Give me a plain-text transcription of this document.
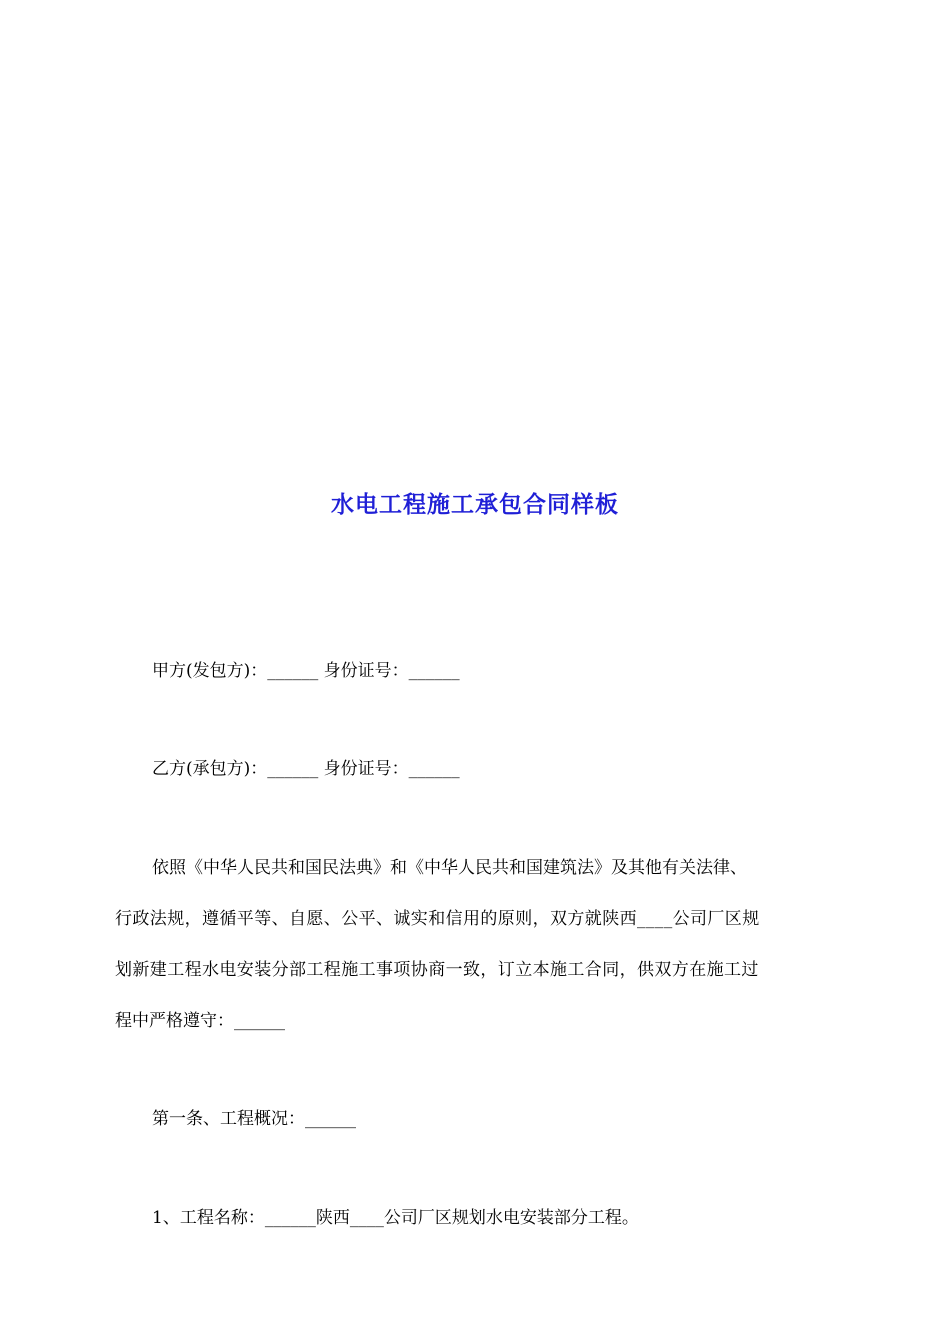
水电工程施工承包合同样板
甲方(发包方)：______ 身份证号：______
乙方(承包方)：______ 身份证号：______
依照《中华人民共和国民法典》和《中华人民共和国建筑法》及其他有关法律、
行政法规，遵循平等、自愿、公平、诚实和信用的原则，双方就陕西____公司厂区规
划新建工程水电安装分部工程施工事项协商一致，订立本施工合同，供双方在施工过
程中严格遵守：______
第一条、工程概况：______
1、工程名称：______陕西____公司厂区规划水电安装部分工程。
